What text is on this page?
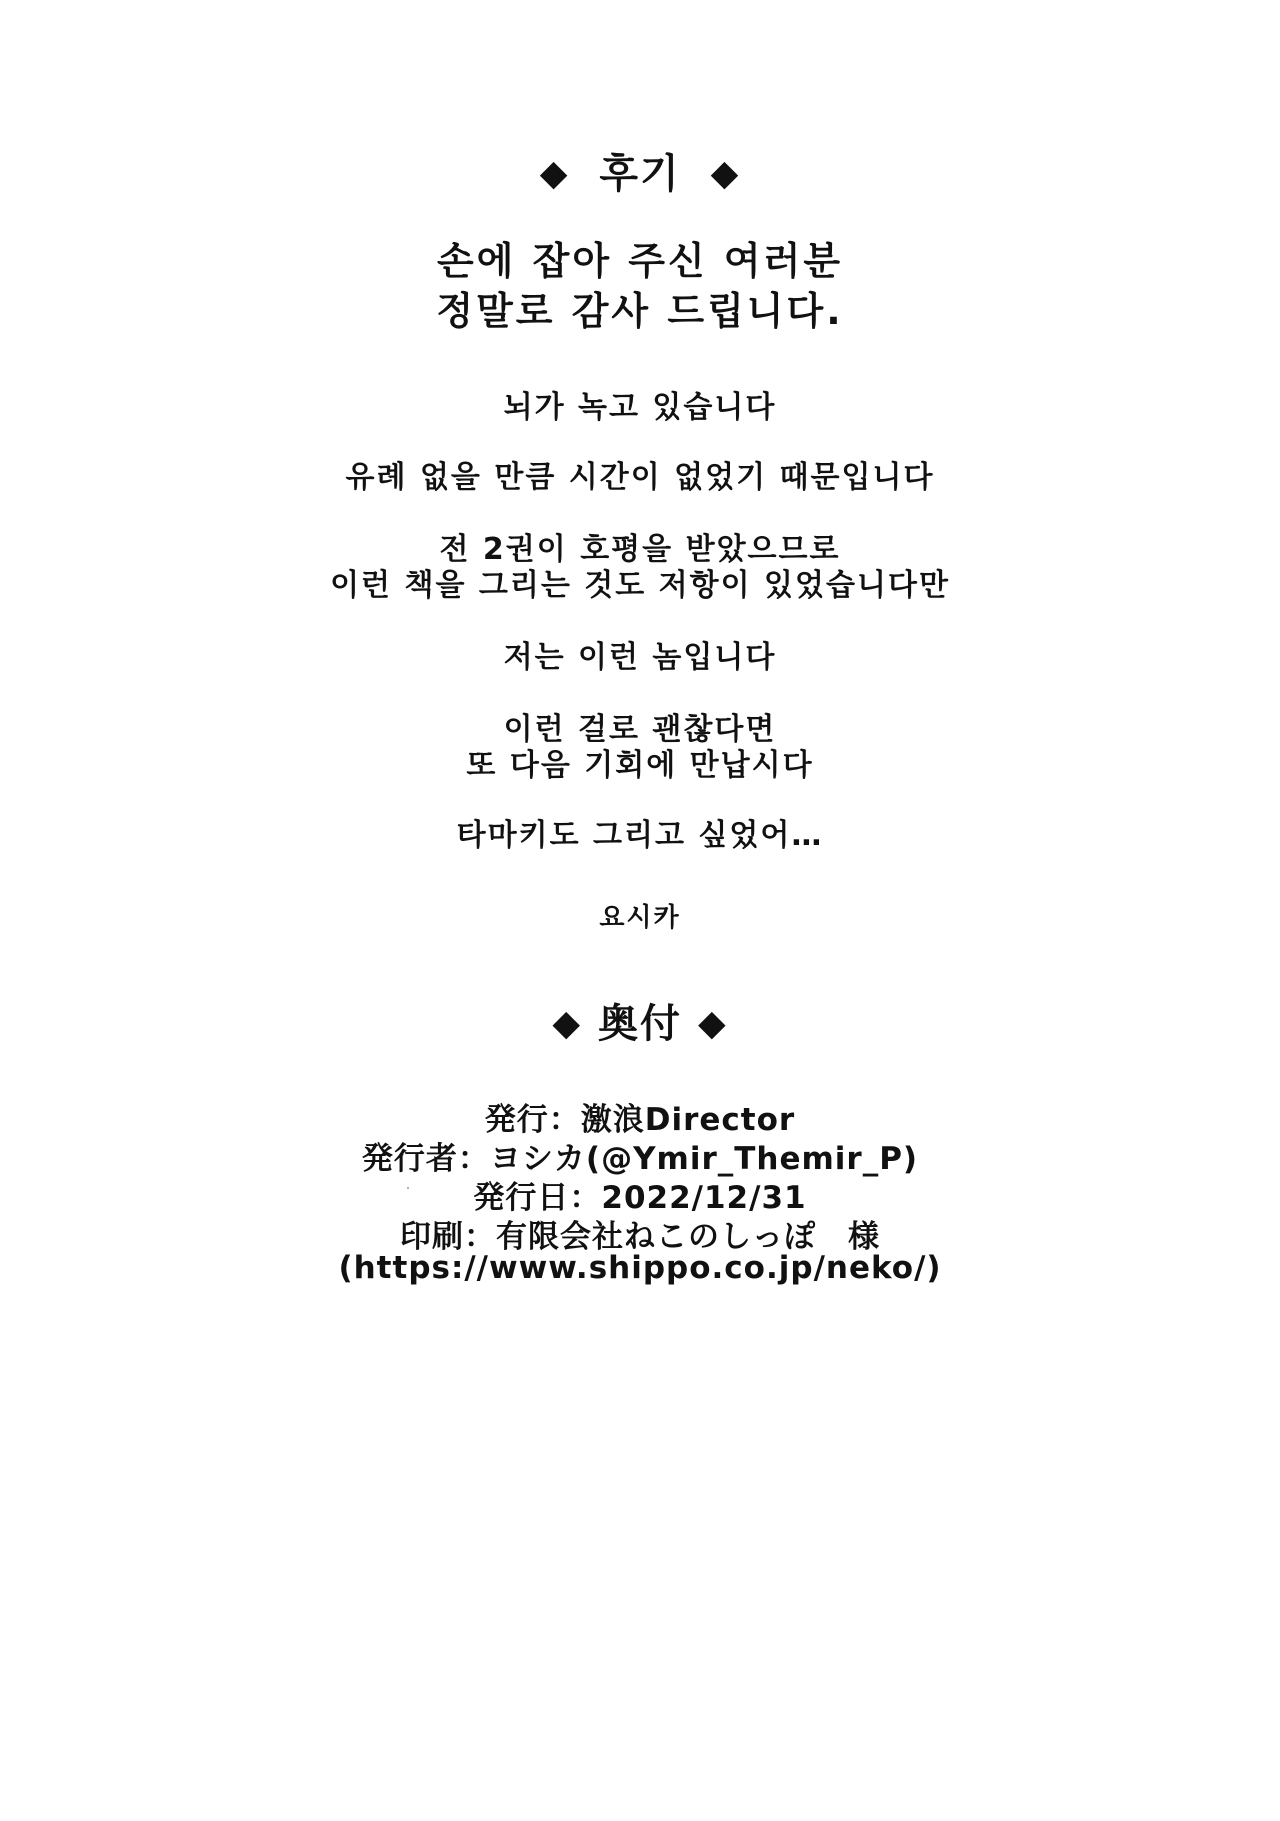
◆ 후기 ◆
손에 잡아 주신 여러분
정말로 감사 드립니다.
뇌가 녹고 있습니다
유례 없을 만큼 시간이 없었기 때문입니다
전 2권이 호평을 받았으므로
이런 책을 그리는 것도 저항이 있었습니다만
저는 이런 놈입니다
이런 걸로 괜찮다면
또 다음 기회에 만납시다
타마키도 그리고 싶었어…
요시카
◆ 奥付 ◆
発行：激浪Director
発行者：ヨシカ(@Ymir_Themir_P)
発行日：2022/12/31
印刷：有限会社ねこのしっぽ　様
(https://www.shippo.co.jp/neko/)
